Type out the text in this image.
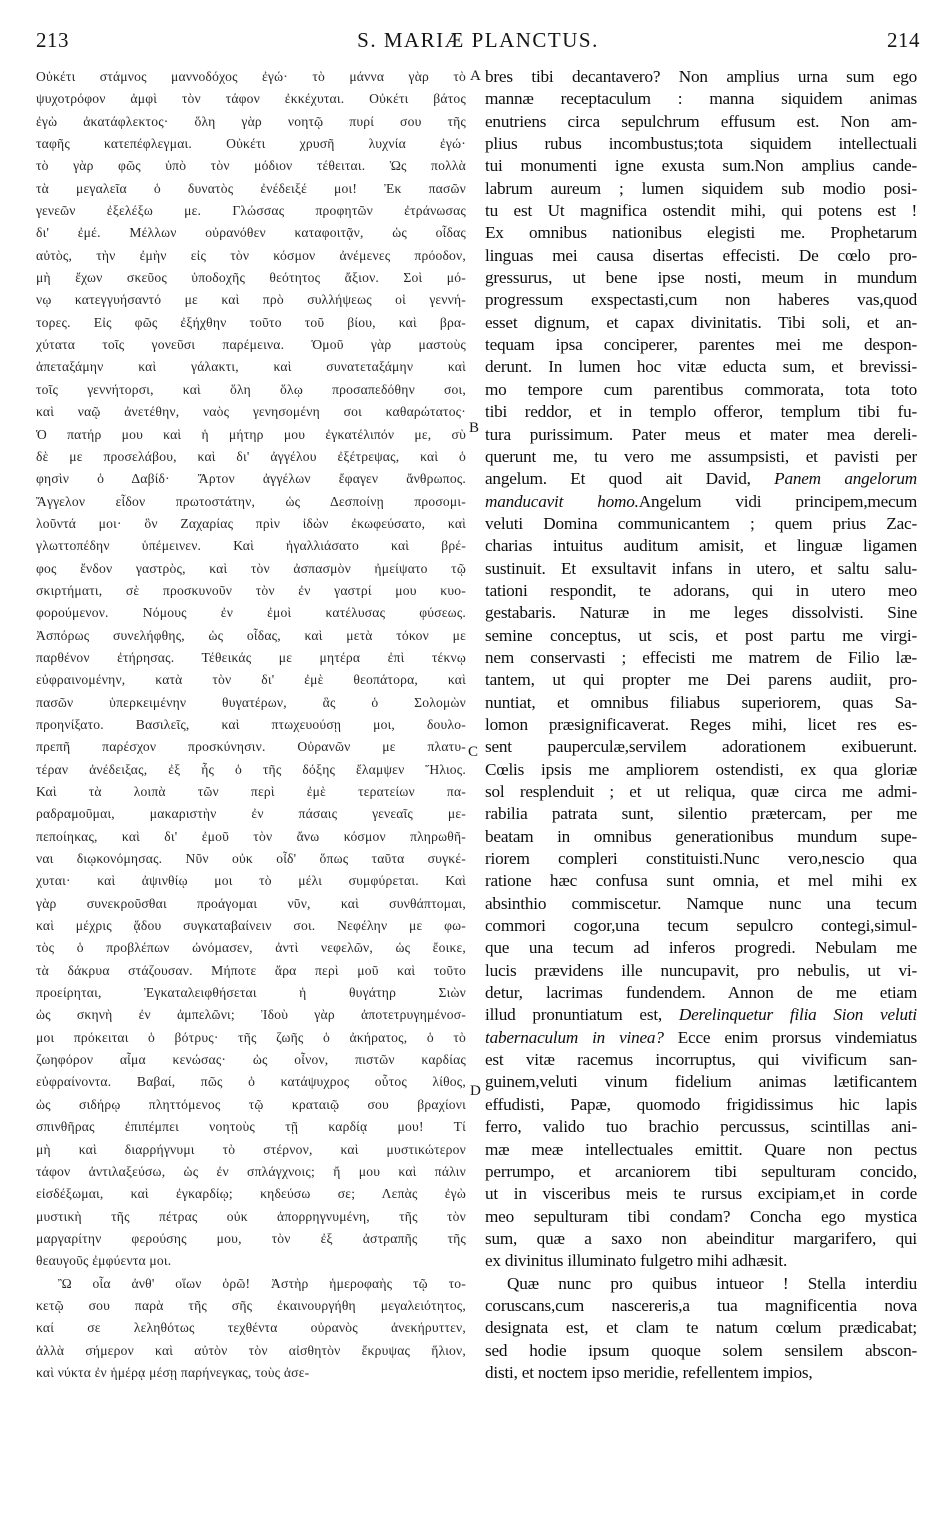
213	S. MARIÆ PLANCTUS.	214
Οὐκέτι στάμνος μαννοδόχος ἐγώ· τὸ μάννα γὰρ τὸ
ψυχοτρόφον ἀμφὶ τὸν τάφον ἐκκέχυται. Οὐκέτι βάτος
ἐγὼ ἀκατάφλεκτος· ὅλη γὰρ νοητῷ πυρί σου τῆς
ταφῆς κατεπέφλεγμαι. Οὐκέτι χρυσῆ λυχνία ἐγώ·
τὸ γὰρ φῶς ὑπὸ τὸν μόδιον τέθειται. Ὡς πολλὰ
τὰ μεγαλεῖα ὁ δυνατὸς ἐνέδειξέ μοι! Ἐκ πασῶν
γενεῶν ἐξελέξω με. Γλώσσας προφητῶν ἐτράνωσας
δι' ἐμέ. Μέλλων οὐρανόθεν καταφοιτᾷν, ὡς οἶδας
αὐτὸς, τὴν ἐμὴν εἰς τὸν κόσμον ἀνέμενες πρόοδον,
μὴ ἔχων σκεῦος ὑποδοχῆς θεότητος ἄξιον. Σοὶ μό-
νῳ κατεγγυήσαντό με καὶ πρὸ συλλήψεως οἱ γεννή-
τορες. Εἰς φῶς ἐξήχθην τοῦτο τοῦ βίου, καὶ βρα-
χύτατα τοῖς γονεῦσι παρέμεινα. Ὁμοῦ γὰρ μαστοὺς
ἀπεταξάμην καὶ γάλακτι, καὶ συνατεταξάμην καὶ
τοῖς γεννήτορσι, καὶ ὅλη ὅλῳ προσαπεδόθην σοι,
καὶ ναῷ ἀνετέθην, ναὸς γενησομένη σοι καθαρώτατος·
Ὁ πατήρ μου καὶ ἡ μήτηρ μου ἐγκατέλιπόν με, σὺ
δὲ με προσελάβου, καὶ δι' ἀγγέλου ἐξέτρεψας, καὶ ὁ
φησὶν ὁ Δαβίδ· Ἄρτον ἀγγέλων ἔφαγεν ἄνθρωπος.
Ἄγγελον εἶδον πρωτοστάτην, ὡς Δεσποίνῃ προσομι-
λοῦντά μοι· ὃν Ζαχαρίας πρὶν ἰδὼν ἐκωφεύσατο, καὶ
γλωττοπέδην ὑπέμεινεν. Καὶ ἠγαλλιάσατο καὶ βρέ-
φος ἔνδον γαστρὸς, καὶ τὸν ἀσπασμὸν ἠμείψατο τῷ
σκιρτήματι, σὲ προσκυνοῦν τὸν ἐν γαστρί μου κυο-
φορούμενον. Νόμους ἐν ἐμοὶ κατέλυσας φύσεως.
Ἀσπόρως συνελήφθης, ὡς οἶδας, καὶ μετὰ τόκον με
παρθένον ἐτήρησας. Τέθεικάς με μητέρα ἐπὶ τέκνῳ
εὐφραινομένην, κατὰ τὸν δι' ἐμὲ θεοπάτορα, καὶ
πασῶν ὑπερκειμένην θυγατέρων, ἃς ὁ Σολομὼν
προηνίξατο. Βασιλεῖς, καὶ πτωχευούσῃ μοι, δουλο-
πρεπῆ παρέσχον προσκύνησιν. Οὐρανῶν με πλατυ-
τέραν ἀνέδειξας, ἐξ ἧς ὁ τῆς δόξης ἔλαμψεν Ἥλιος.
Καὶ τὰ λοιπὰ τῶν περὶ ἐμὲ τερατείων πα-
ραδραμοῦμαι, μακαριστὴν ἐν πάσαις γενεαῖς με-
πεποίηκας, καὶ δι' ἐμοῦ τὸν ἄνω κόσμον πληρωθῆ-
ναι διῳκονόμησας. Νῦν οὐκ οἶδ' ὅπως ταῦτα συγκέ-
χυται· καὶ ἀψινθίῳ μοι τὸ μέλι συμφύρεται. Καὶ
γὰρ συνεκροῦσθαι προάγομαι νῦν, καὶ συνθάπτομαι,
καὶ μέχρις ᾅδου συγκαταβαίνειν σοι. Νεφέλην με φω-
τὸς ὁ προβλέπων ὠνόμασεν, ἀντὶ νεφελῶν, ὡς ἔοικε,
τὰ δάκρυα στάζουσαν. Μήποτε ἄρα περὶ μοῦ καὶ τοῦτο
προείρηται, Ἐγκαταλειφθήσεται ἡ θυγάτηρ Σιὼν
ὡς σκηνὴ ἐν ἀμπελῶνι; Ἰδοὺ γὰρ ἀποτετρυγημένοσ-
μοι πρόκειται ὁ βότρυς· τῆς ζωῆς ὁ ἀκήρατος, ὁ τὸ
ζωηφόρον αἷμα κενώσας· ὡς οἶνον, πιστῶν καρδίας
εὐφραίνοντα. Βαβαί, πῶς ὁ κατάψυχρος οὗτος λίθος,
ὡς σιδήρῳ πληττόμενος τῷ κραταιῷ σου βραχίονι
σπινθῆρας ἐπιπέμπει νοητοὺς τῇ καρδίᾳ μου! Τί
μὴ καὶ διαρρήγνυμι τὸ στέρνον, καὶ μυστικώτερον
τάφον ἀντιλαξεύσω, ὡς ἐν σπλάγχνοις; ἤ μου καὶ πάλιν
εἰσδέξωμαι, καὶ ἐγκαρδίῳ; κηδεύσω σε; Λεπὰς ἐγὼ
μυστικὴ τῆς πέτρας οὐκ ἀπορρηγνυμένη, τῆς τὸν
μαργαρίτην φερούσης μου, τὸν ἐξ ἀστραπῆς τῆς
θεαυγοῦς ἐμφύεντα μοι.
Ὢ οἷα ἀνθ' οἵων ὁρῶ! Ἀστὴρ ἡμεροφαὴς τῷ το-
κετῷ σου παρὰ τῆς σῆς ἐκαινουργήθη μεγαλειότητος,
καί σε λεληθότως τεχθέντα οὐρανὸς ἀνεκήρυττεν,
ἀλλὰ σήμερον καὶ αὐτὸν τὸν αἰσθητὸν ἔκρυψας ἥλιον,
καὶ νύκτα ἐν ἡμέρᾳ μέσῃ παρήνεγκας, τοὺς ἀσε-
bres tibi decantavero? Non amplius urna sum ego
mannæ receptaculum : manna siquidem animas
enutriens circa sepulchrum effusum est. Non am-
plius rubus incombustus;tota siquidem intellectuali
tui monumenti igne exusta sum.Non amplius cande-
labrum aureum ; lumen siquidem sub modio posi-
tu est Ut magnifica ostendit mihi, qui potens est !
Ex omnibus nationibus elegisti me. Prophetarum
linguas mei causa disertas effecisti. De cœlo pro-
gressurus, ut bene ipse nosti, meum in mundum
progressum exspectasti,cum non haberes vas,quod
esset dignum, et capax divinitatis. Tibi soli, et an-
tequam ipsa conciperer, parentes mei me despon-
derunt. In lumen hoc vitæ educta sum, et brevissi-
mo tempore cum parentibus commorata, tota toto
tibi reddor, et in templo offeror, templum tibi fu-
tura purissimum. Pater meus et mater mea dereli-
querunt me, tu vero me assumpsisti, et pavisti per
angelum. Et quod ait David, Panem angelorum
manducavit homo.Angelum vidi principem,mecum
veluti Domina communicantem ; quem prius Zac-
charias intuitus auditum amisit, et linguæ ligamen
sustinuit. Et exsultavit infans in utero, et saltu salu-
tationi respondit, te adorans, qui in utero meo
gestabaris. Naturæ in me leges dissolvisti. Sine
semine conceptus, ut scis, et post partu me virgi-
nem conservasti ; effecisti me matrem de Filio læ-
tantem, ut qui propter me Dei parens audiit, pro-
nuntiat, et omnibus filiabus superiorem, quas Sa-
lomon præsignificaverat. Reges mihi, licet res es-
sent pauperculæ,servilem adorationem exibuerunt.
Cœlis ipsis me ampliorem ostendisti, ex qua gloriæ
sol resplenduit ; et ut reliqua, quæ circa me admi-
rabilia patrata sunt, silentio prætercam, per me
beatam in omnibus generationibus mundum supe-
riorem compleri constituisti.Nunc vero,nescio qua
ratione hæc confusa sunt omnia, et mel mihi ex
absinthio commiscetur. Namque nunc una tecum
commori cogor,una tecum sepulcro contegi,simul-
que una tecum ad inferos progredi. Nebulam me
lucis prævidens ille nuncupavit, pro nebulis, ut vi-
detur, lacrimas fundendem. Annon de me etiam
illud pronuntiatum est, Derelinquetur filia Sion veluti
tabernaculum in vinea? Ecce enim prorsus vindemiatus
est vitæ racemus incorruptus, qui vivificum san-
guinem,veluti vinum fidelium animas lætificantem
effudisti, Papæ, quomodo frigidissimus hic lapis
ferro, valido tuo brachio percussus, scintillas ani-
mæ meæ intellectuales emittit. Quare non pectus
perrumpo, et arcaniorem tibi sepulturam concido,
ut in visceribus meis te rursus excipiam,et in corde
meo sepulturam tibi condam? Concha ego mystica
sum, quæ a saxo non abeinditur margarifero, qui
ex divinitus illuminato fulgetro mihi adhæsit.
Quæ nunc pro quibus intueor ! Stella interdiu
coruscans,cum nascereris,a tua magnificentia nova
designata est, et clam te natum cœlum prædicabat;
sed hodie ipsum quoque solem sensilem abscon-
disti, et noctem ipso meridie, refellentem impios,
A
B
C
D
